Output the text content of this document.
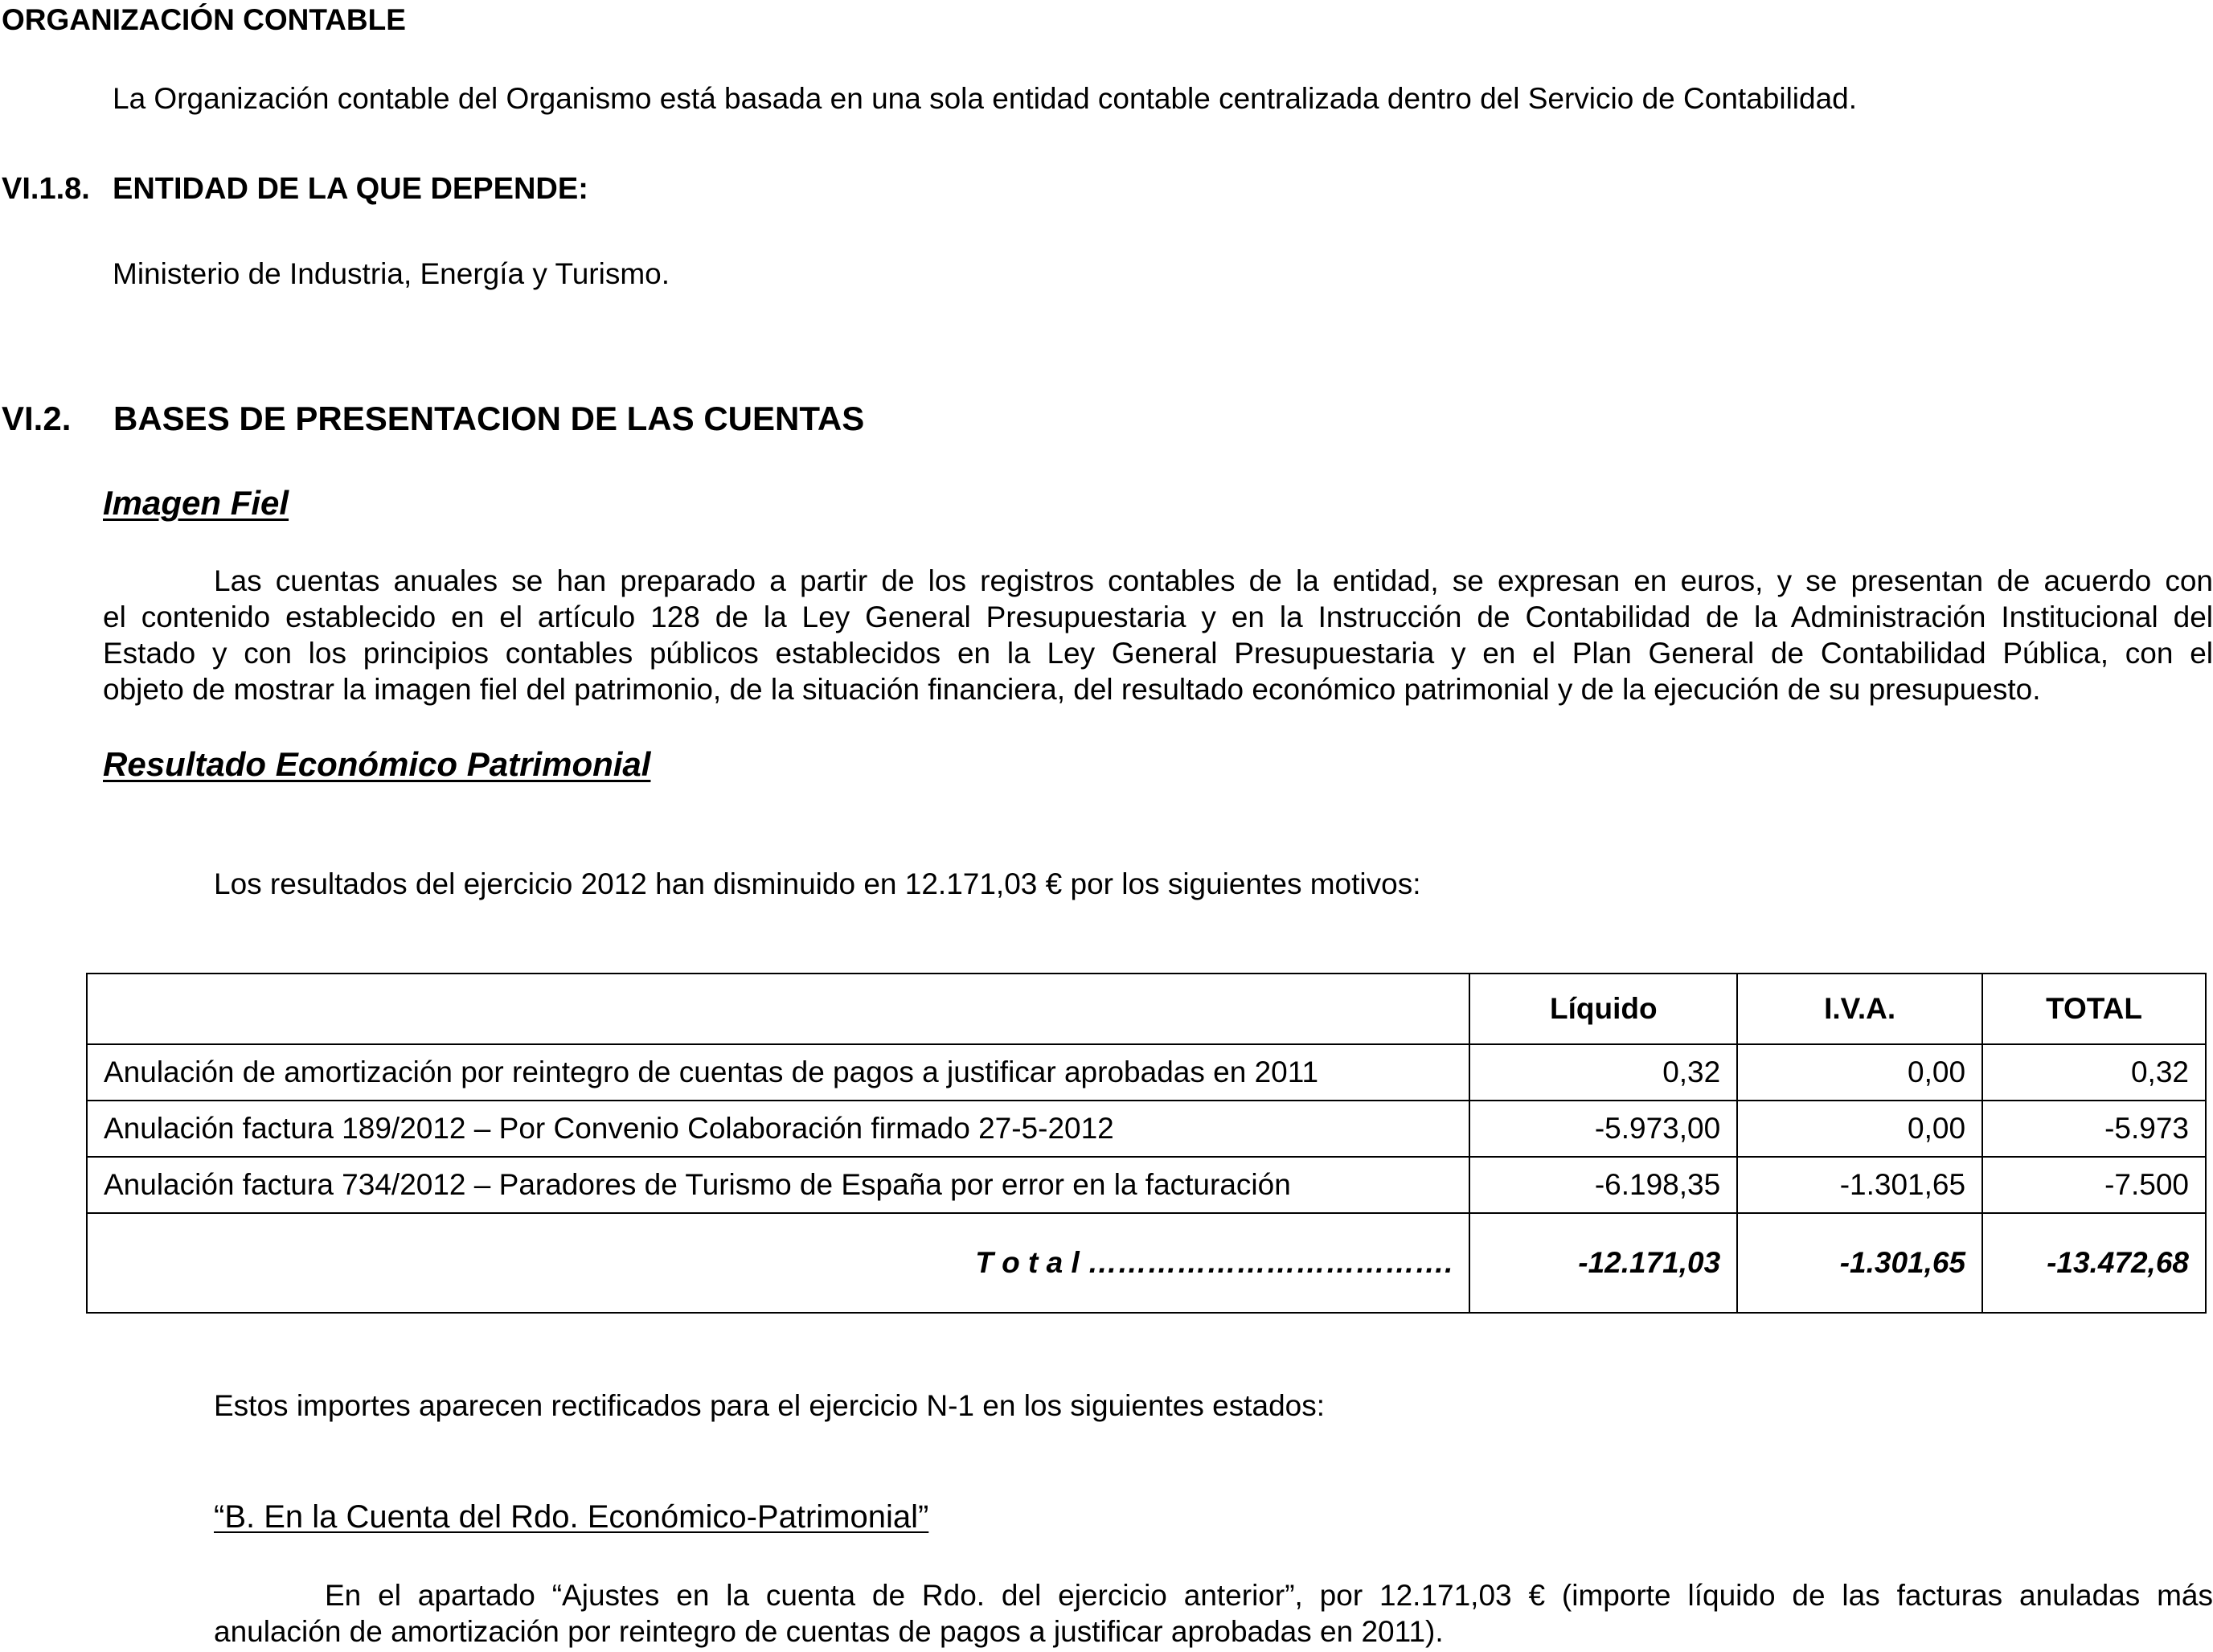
ORGANIZACIÓN CONTABLE
La Organización contable del Organismo está basada en una sola entidad contable centralizada dentro del Servicio de Contabilidad.
VI.1.8. ENTIDAD DE LA QUE DEPENDE:
Ministerio de Industria, Energía y Turismo.
VI.2. BASES DE PRESENTACION DE LAS CUENTAS
Imagen Fiel
Las cuentas anuales se han preparado a partir de los registros contables de la entidad, se expresan en euros, y se presentan de acuerdo con
el contenido establecido en el artículo 128 de la Ley General Presupuestaria y en la Instrucción de Contabilidad de la Administración Institucional del
Estado y con los principios contables públicos establecidos en la Ley General Presupuestaria y en el Plan General de Contabilidad Pública, con el
objeto de mostrar la imagen fiel del patrimonio, de la situación financiera, del resultado económico patrimonial y de la ejecución de su presupuesto.
Resultado Económico Patrimonial
Los resultados del ejercicio 2012 han disminuido en 12.171,03 € por los siguientes motivos:
	Líquido	I.V.A.	TOTAL
Anulación de amortización por reintegro de cuentas de pagos a justificar aprobadas en 2011	0,32	0,00	0,32
Anulación factura 189/2012 – Por Convenio Colaboración firmado 27-5-2012	-5.973,00	0,00	-5.973
Anulación factura 734/2012 – Paradores de Turismo de España por error en la facturación	-6.198,35	-1.301,65	-7.500
T o t a l ……………………………….	-12.171,03	-1.301,65	-13.472,68
Estos importes aparecen rectificados para el ejercicio N-1 en los siguientes estados:
“B. En la Cuenta del Rdo. Económico-Patrimonial”
En el apartado “Ajustes en la cuenta de Rdo. del ejercicio anterior”, por 12.171,03 € (importe líquido de las facturas anuladas más
anulación de amortización por reintegro de cuentas de pagos a justificar aprobadas en 2011).
